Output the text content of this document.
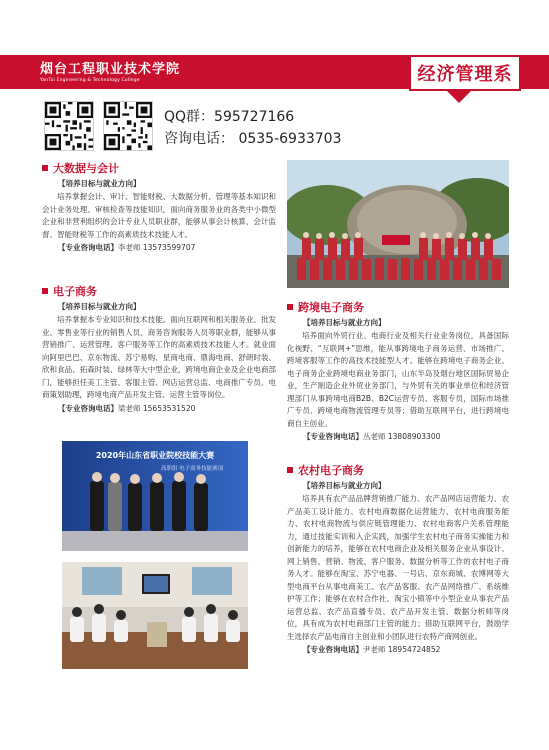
烟台工程职业技术学院
YanTai Engineering & Technology College	经济管理系
QQ群：595727166
咨询电话： 0535-6933703
大数据与会计
【培养目标与就业方向】
培养掌握会计、审计、智能财税、大数据分析、管理等基本知识和会计业务处理、审核检查等技能知识，面向商务服务业的各类中小微型企业和非营利组织的会计专业人员职业群，能够从事会计核算，会计监督、智能财税等工作的高素质技术技能人才。
【专业咨询电话】李老师 13573599707
电子商务
【培养目标与就业方向】
培养掌握本专业知识和技术技能。面向互联网和相关服务业、批发业、零售业等行业的销售人员、商务咨询服务人员等职业群，能够从事营销推广、运营管理、客户服务等工作的高素质技术技能人才。就业面向阿里巴巴、京东物流、苏宁易购、星商电商、鼎海电商、舒朗时装、欣和食品、拓森时装、绿林等大中型企业，跨境电商企业及企业电商部门，能够担任美工主管、客服主管、网店运营总监、电商推广专员、电商策划助理，跨境电商产品开发主管、运营主管等岗位。
【专业咨询电话】梁老师 15653531520
跨境电子商务
【培养目标与就业方向】
培养面向外贸行业、电商行业及相关行业业务岗位，具备国际化视野、“互联网+”思维，能从事跨境电子商务运营、市场推广、跨境客服等工作的高技术技能型人才。能够在跨境电子商务企业、电子商务企业跨境电商业务部门，山东半岛及烟台地区国际贸易企业，生产制造企业外贸业务部门，与外贸有关的事业单位和经济管理部门从事跨境电商B2B、B2C运营专员、客服专员，国际市场推广专员、跨境电商物流管理专员等；借助互联网平台，进行跨境电商自主创业。
【专业咨询电话】丛老师 13808903300
2020年山东省职业院校技能大赛
高职组 电子商务技能赛项	农村电子商务
【培养目标与就业方向】
培养具有农产品品牌营销推广能力、农产品网店运营能力、农产品美工设计能力、农村电商数据化运营能力、农村电商服务能力、农村电商物流与供应链管理能力、农村电商客户关系管理能力，通过技能实训和入企实践，加强学生农村电子商务实操能力和创新能力的培养，能够在农村电商企业及相关服务企业从事设计、网上销售、营销、物流、客户服务、数据分析等工作的农村电子商务人才。能够在淘宝、苏宁电器、一号店、京东商城、农博网等大型电商平台从事电商美工、农产品客服、农产品网络推广、系统维护等工作；能够在农村合作社、淘宝小镇等中小型企业从事农产品运营总监、农产品直播专员、农产品开发主管、数据分析师等岗位，具有成为农村电商部门主管的能力；借助互联网平台，鼓励学生选择农产品电商自主创业和小团队进行农特产商网创业。
【专业咨询电话】尹老师 18954724852
